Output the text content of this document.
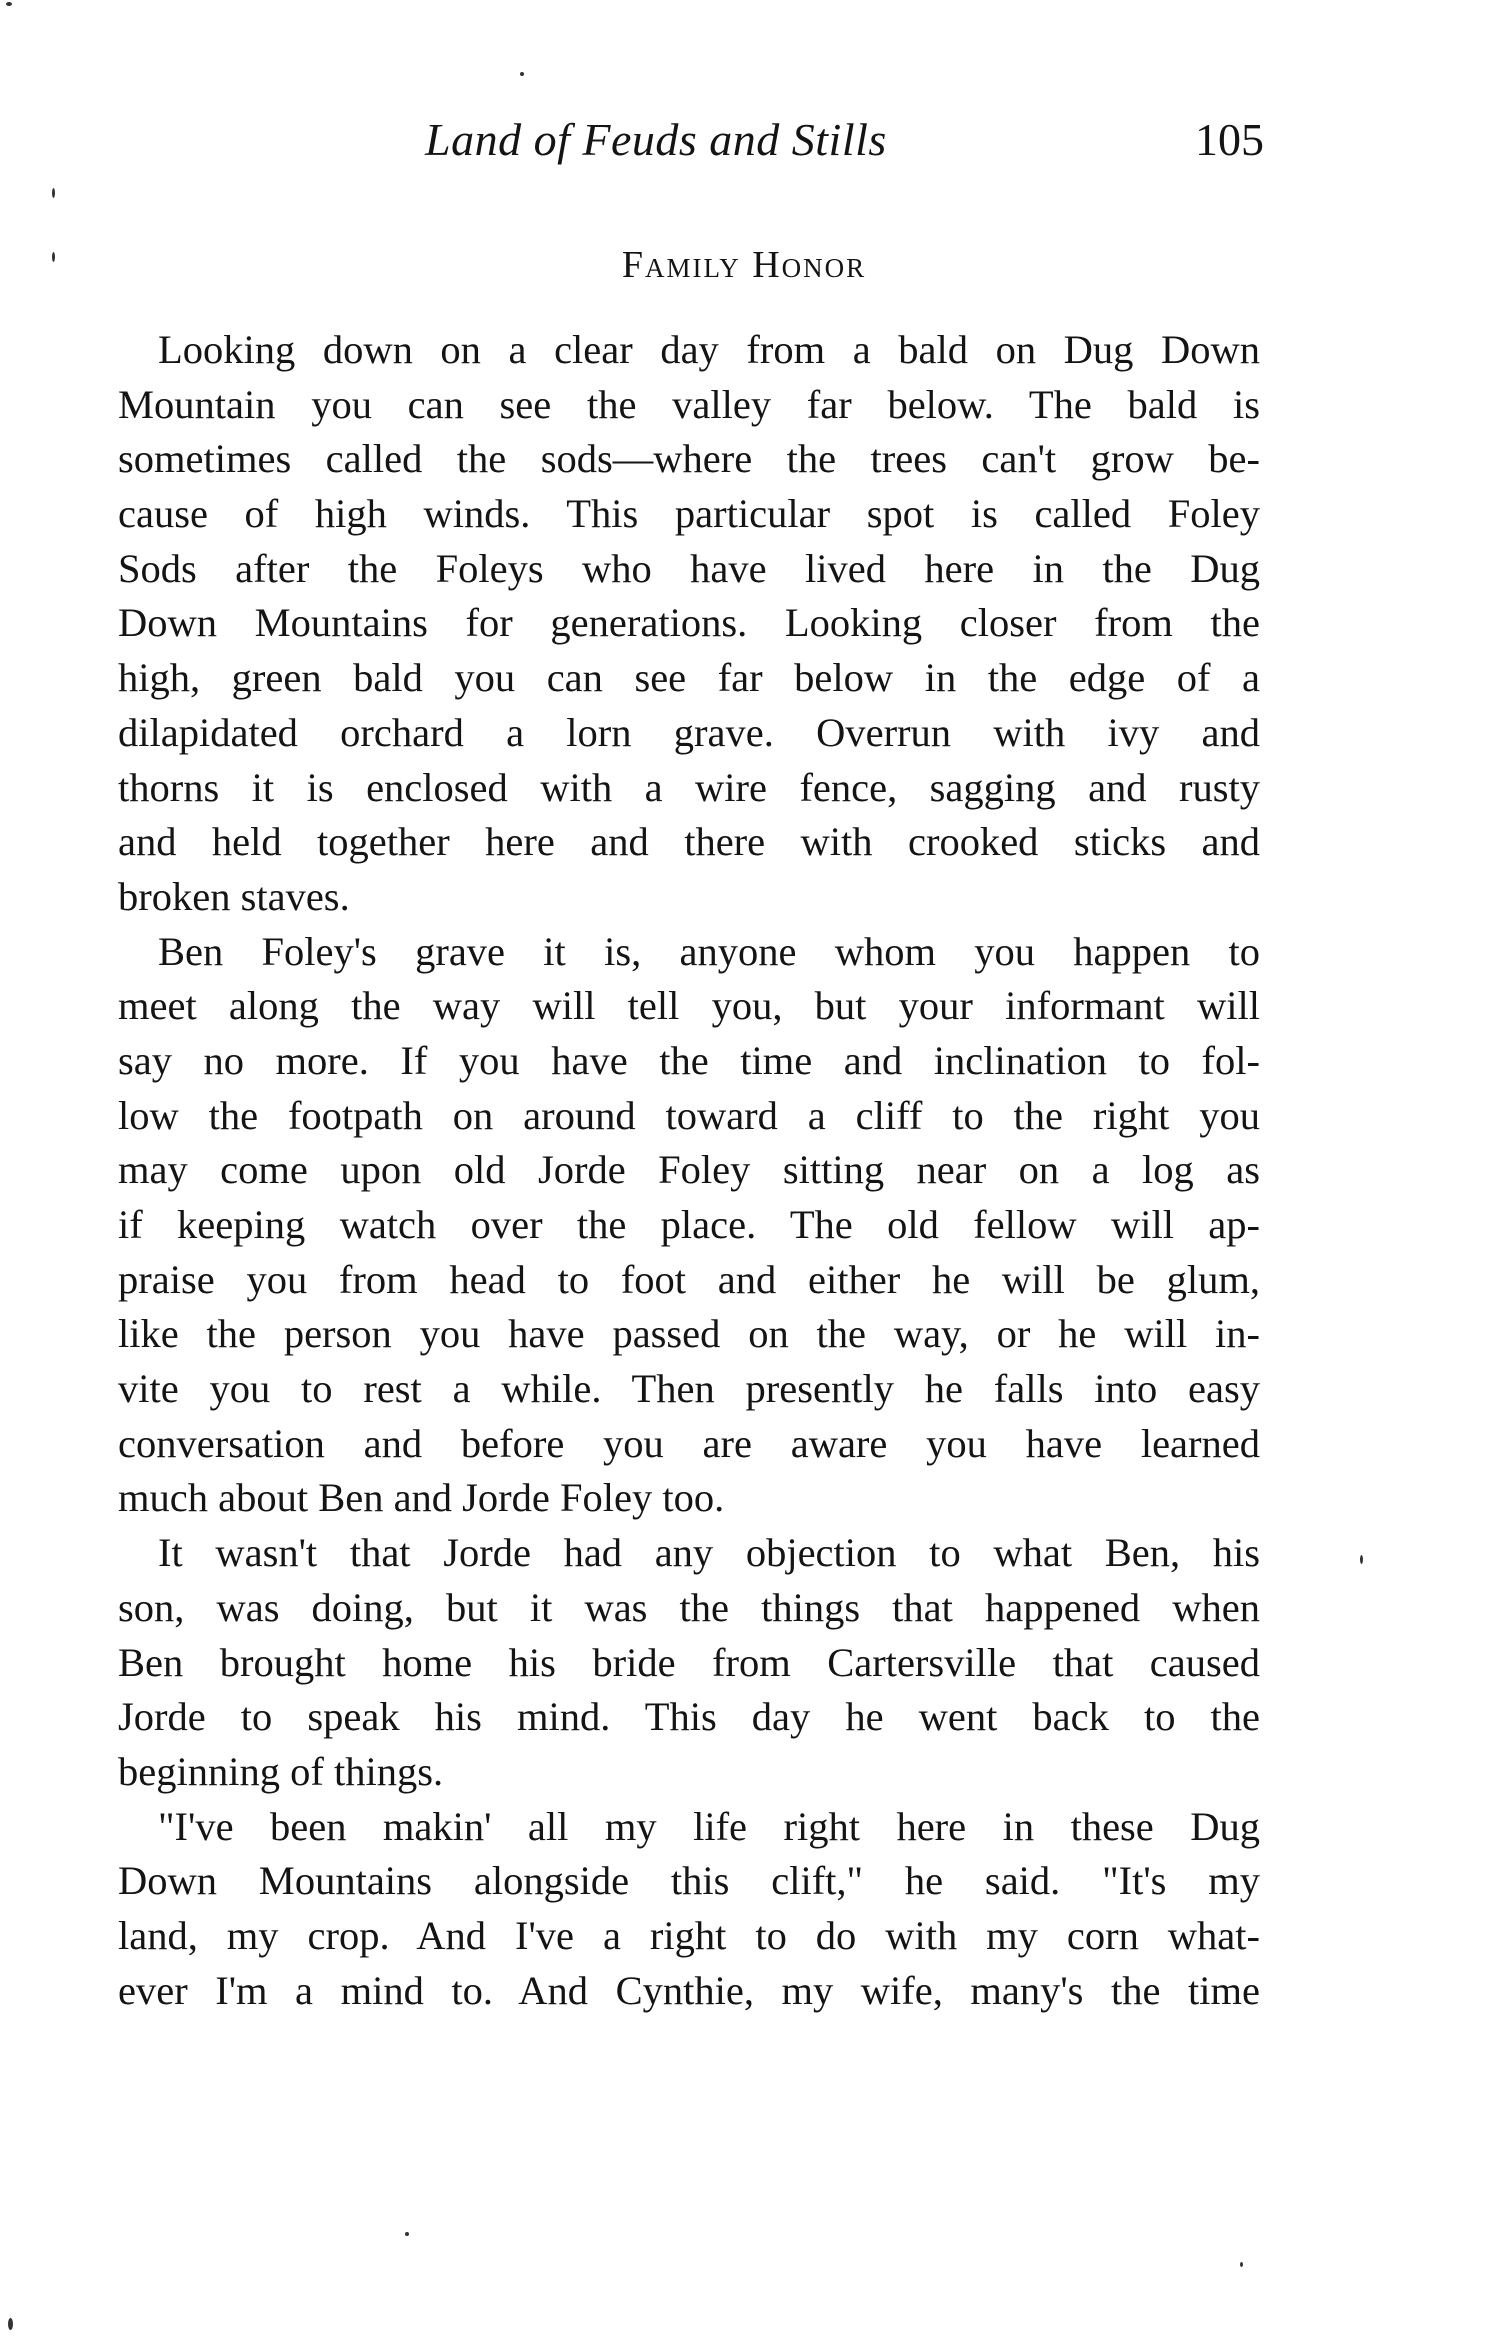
Land of Feuds and Stills	105
Family Honor
Looking down on a clear day from a bald on Dug Down
Mountain you can see the valley far below. The bald is
sometimes called the sods—where the trees can't grow be-
cause of high winds. This particular spot is called Foley
Sods after the Foleys who have lived here in the Dug
Down Mountains for generations. Looking closer from the
high, green bald you can see far below in the edge of a
dilapidated orchard a lorn grave. Overrun with ivy and
thorns it is enclosed with a wire fence, sagging and rusty
and held together here and there with crooked sticks and
broken staves.
Ben Foley's grave it is, anyone whom you happen to
meet along the way will tell you, but your informant will
say no more. If you have the time and inclination to fol-
low the footpath on around toward a cliff to the right you
may come upon old Jorde Foley sitting near on a log as
if keeping watch over the place. The old fellow will ap-
praise you from head to foot and either he will be glum,
like the person you have passed on the way, or he will in-
vite you to rest a while. Then presently he falls into easy
conversation and before you are aware you have learned
much about Ben and Jorde Foley too.
It wasn't that Jorde had any objection to what Ben, his
son, was doing, but it was the things that happened when
Ben brought home his bride from Cartersville that caused
Jorde to speak his mind. This day he went back to the
beginning of things.
"I've been makin' all my life right here in these Dug
Down Mountains alongside this clift," he said. "It's my
land, my crop. And I've a right to do with my corn what-
ever I'm a mind to. And Cynthie, my wife, many's the time
